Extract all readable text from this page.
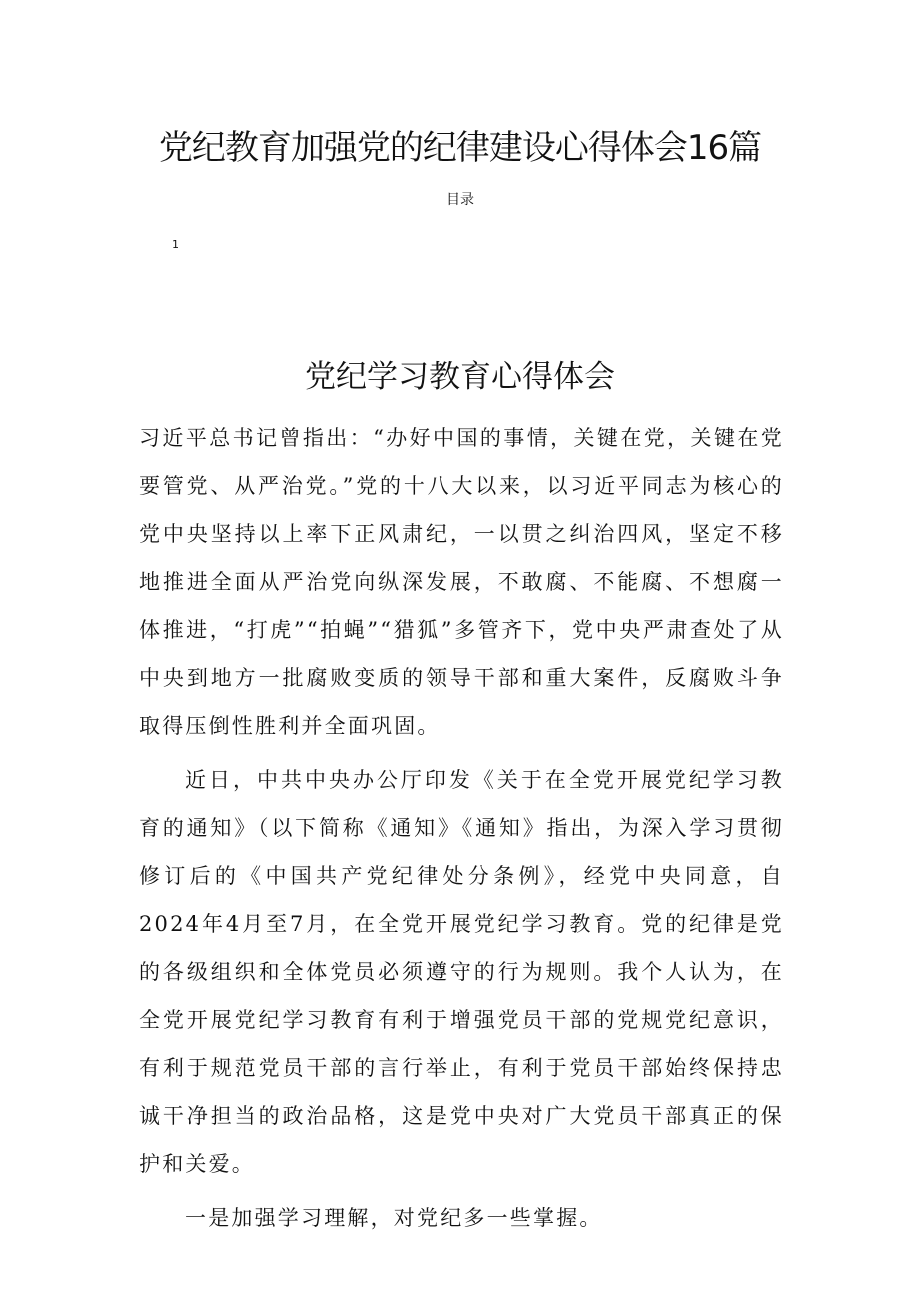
党纪教育加强党的纪律建设心得体会16篇
目录
1
党纪学习教育心得体会

习近平总书记曾指出：“办好中国的事情，关键在党，关键在党要管党、从严治党。”党的十八大以来，以习近平同志为核心的党中央坚持以上率下正风肃纪，一以贯之纠治四风，坚定不移地推进全面从严治党向纵深发展，不敢腐、不能腐、不想腐一体推进，“打虎”“拍蝇”“猎狐”多管齐下，党中央严肃查处了从中央到地方一批腐败变质的领导干部和重大案件，反腐败斗争取得压倒性胜利并全面巩固。

近日，中共中央办公厅印发《关于在全党开展党纪学习教育的通知》（以下简称《通知》《通知》指出，为深入学习贯彻修订后的《中国共产党纪律处分条例》，经党中央同意，自2024年4月至7月，在全党开展党纪学习教育。党的纪律是党的各级组织和全体党员必须遵守的行为规则。我个人认为，在全党开展党纪学习教育有利于增强党员干部的党规党纪意识，有利于规范党员干部的言行举止，有利于党员干部始终保持忠诚干净担当的政治品格，这是党中央对广大党员干部真正的保护和关爱。

一是加强学习理解，对党纪多一些掌握。
